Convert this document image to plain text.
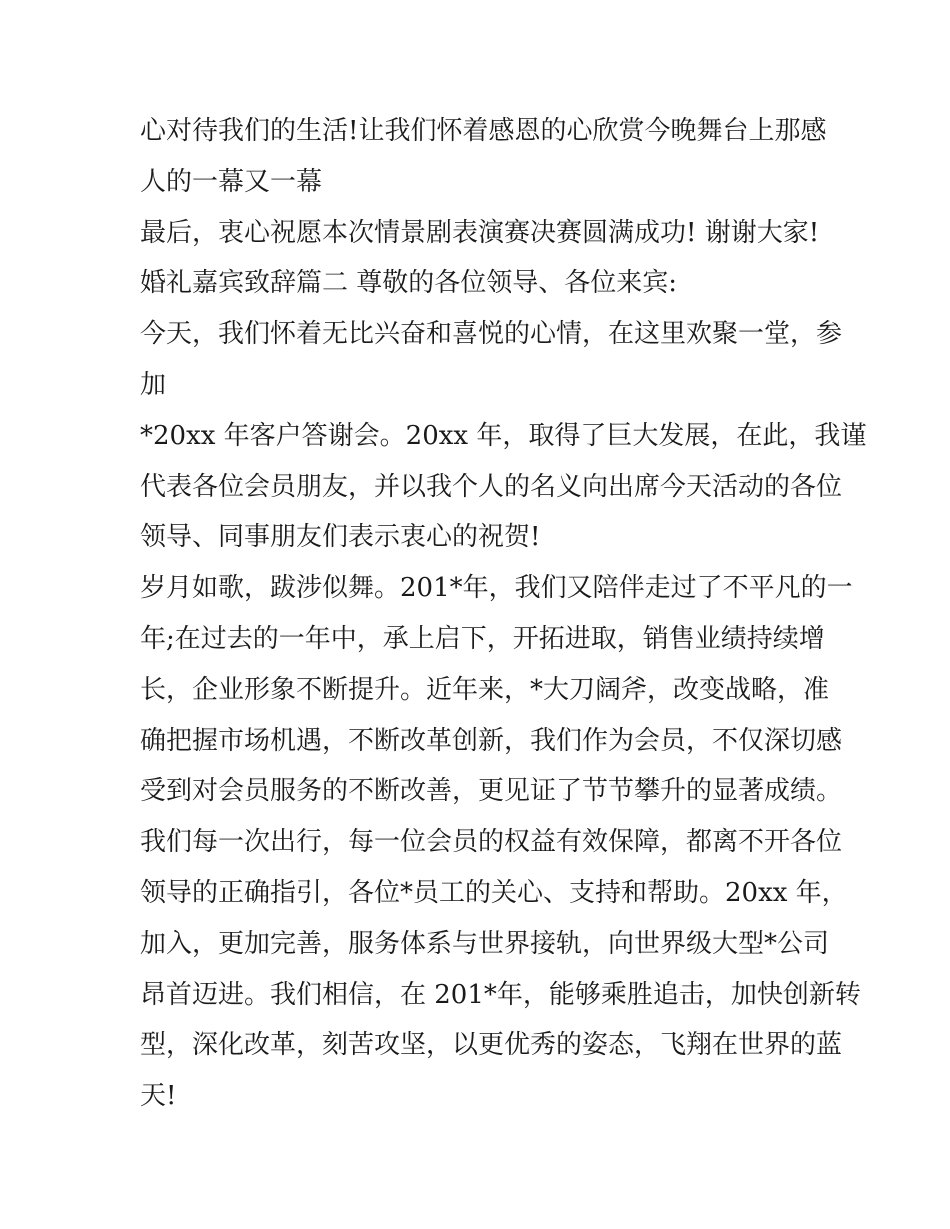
心对待我们的生活!让我们怀着感恩的心欣赏今晚舞台上那感
人的一幕又一幕
最后，衷心祝愿本次情景剧表演赛决赛圆满成功! 谢谢大家!
婚礼嘉宾致辞篇二 尊敬的各位领导、各位来宾:
今天，我们怀着无比兴奋和喜悦的心情，在这里欢聚一堂，参
加
*20xx 年客户答谢会。20xx 年，取得了巨大发展，在此，我谨
代表各位会员朋友，并以我个人的名义向出席今天活动的各位
领导、同事朋友们表示衷心的祝贺!
岁月如歌，跋涉似舞。201*年，我们又陪伴走过了不平凡的一
年;在过去的一年中，承上启下，开拓进取，销售业绩持续增
长，企业形象不断提升。近年来，*大刀阔斧，改变战略，准
确把握市场机遇，不断改革创新，我们作为会员，不仅深切感
受到对会员服务的不断改善，更见证了节节攀升的显著成绩。
我们每一次出行，每一位会员的权益有效保障，都离不开各位
领导的正确指引，各位*员工的关心、支持和帮助。20xx 年，
加入，更加完善，服务体系与世界接轨，向世界级大型*公司
昂首迈进。我们相信，在 201*年，能够乘胜追击，加快创新转
型，深化改革，刻苦攻坚，以更优秀的姿态，飞翔在世界的蓝
天!
